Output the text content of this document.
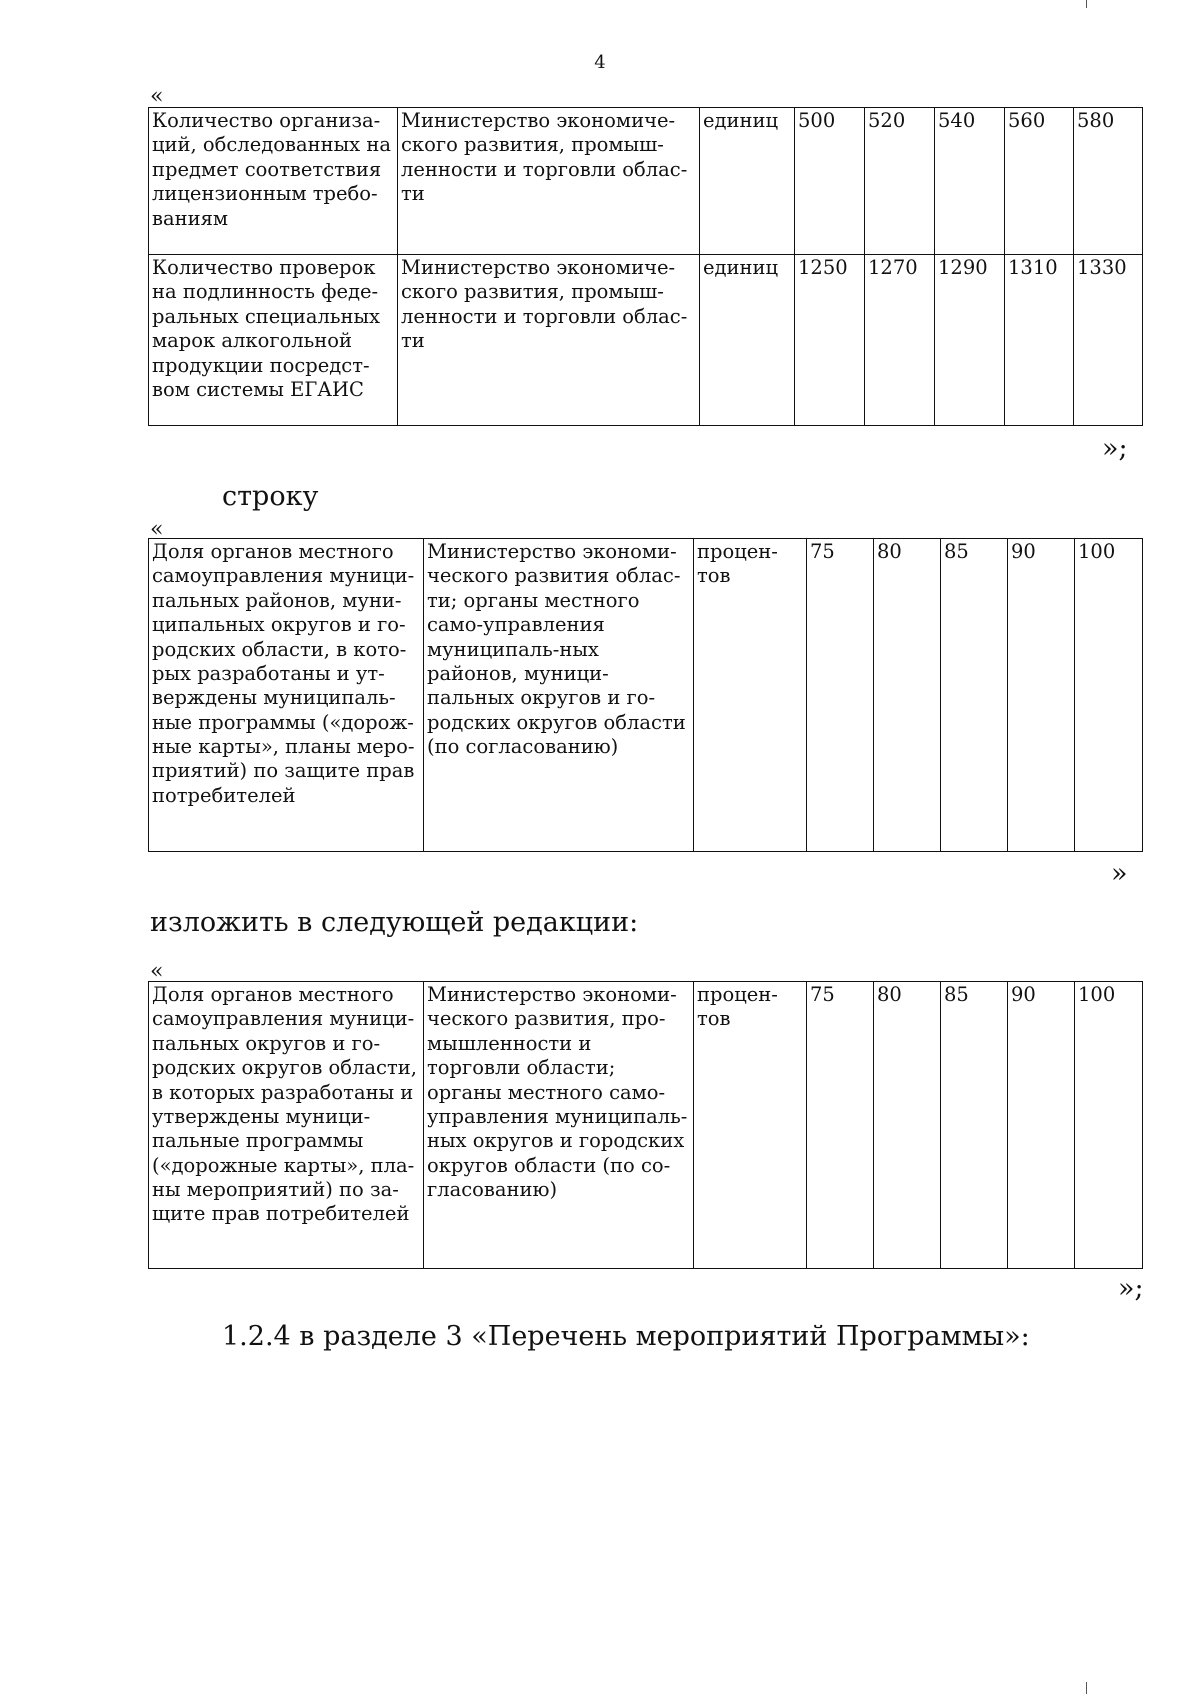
4
«
Количество организа-ций, обследованных на предмет соответствия лицензионным требо-ваниям	Министерство экономиче-ского развития, промыш-ленности и торговли облас-ти	единиц	500	520	540	560	580
Количество проверок на подлинность феде-ральных специальных марок алкогольной продукции посредст-вом системы ЕГАИС	Министерство экономиче-ского развития, промыш-ленности и торговли облас-ти	единиц	1250	1270	1290	1310	1330
»;
строку
«
Доля органов местного самоуправления муници-пальных районов, муни-ципальных округов и го-родских области, в кото-рых разработаны и ут-верждены муниципаль-ные программы («дорож-ные карты», планы меро-приятий) по защите прав потребителей	Министерство экономи-ческого развития облас-ти; органы местного само-управления муниципаль-ных районов, муници-пальных округов и го-родских округов области (по согласованию)	процен-тов	75	80	85	90	100
»
изложить в следующей редакции:
«
Доля органов местного самоуправления муници-пальных округов и го-родских округов области, в которых разработаны и утверждены муници-пальные программы («дорожные карты», пла-ны мероприятий) по за-щите прав потребителей	Министерство экономи-ческого развития, про-мышленности и торговли области; органы местного само-управления муниципаль-ных округов и городских округов области (по со-гласованию)	процен-тов	75	80	85	90	100
»;
1.2.4 в разделе 3 «Перечень мероприятий Программы»:
